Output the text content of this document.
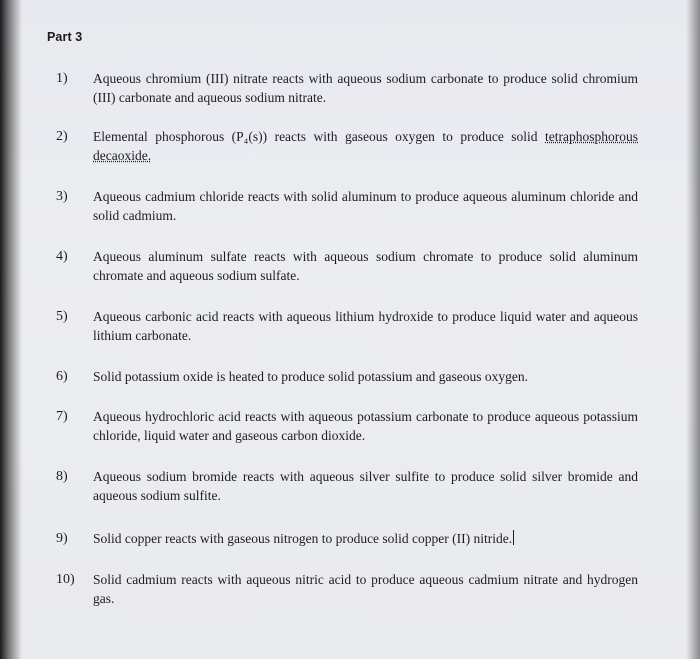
Part 3
1) Aqueous chromium (III) nitrate reacts with aqueous sodium carbonate to produce solid chromium (III) carbonate and aqueous sodium nitrate.
2) Elemental phosphorous (P₄(s)) reacts with gaseous oxygen to produce solid tetraphosphorous decaoxide.
3) Aqueous cadmium chloride reacts with solid aluminum to produce aqueous aluminum chloride and solid cadmium.
4) Aqueous aluminum sulfate reacts with aqueous sodium chromate to produce solid aluminum chromate and aqueous sodium sulfate.
5) Aqueous carbonic acid reacts with aqueous lithium hydroxide to produce liquid water and aqueous lithium carbonate.
6) Solid potassium oxide is heated to produce solid potassium and gaseous oxygen.
7) Aqueous hydrochloric acid reacts with aqueous potassium carbonate to produce aqueous potassium chloride, liquid water and gaseous carbon dioxide.
8) Aqueous sodium bromide reacts with aqueous silver sulfite to produce solid silver bromide and aqueous sodium sulfite.
9) Solid copper reacts with gaseous nitrogen to produce solid copper (II) nitride.
10) Solid cadmium reacts with aqueous nitric acid to produce aqueous cadmium nitrate and hydrogen gas.
